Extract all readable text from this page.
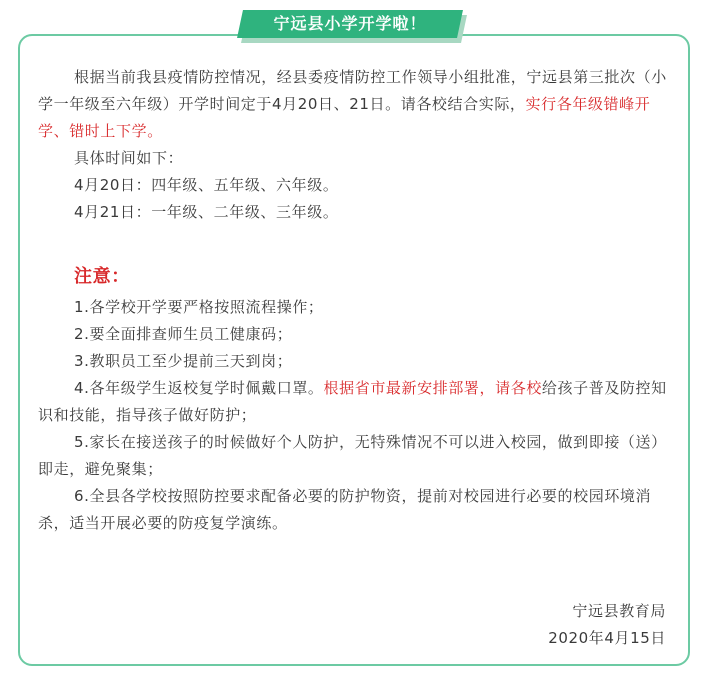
宁远县小学开学啦！

根据当前我县疫情防控情况，经县委疫情防控工作领导小组批准，宁远县第三批次（小学一年级至六年级）开学时间定于4月20日、21日。请各校结合实际，实行各年级错峰开学、错时上下学。

具体时间如下：

4月20日：四年级、五年级、六年级。

4月21日：一年级、二年级、三年级。

注意：

1.各学校开学要严格按照流程操作；

2.要全面排查师生员工健康码；

3.教职员工至少提前三天到岗；

4.各年级学生返校复学时佩戴口罩。根据省市最新安排部署，请各校给孩子普及防控知识和技能，指导孩子做好防护；

5.家长在接送孩子的时候做好个人防护，无特殊情况不可以进入校园，做到即接（送）即走，避免聚集；

6.全县各学校按照防控要求配备必要的防护物资，提前对校园进行必要的校园环境消杀，适当开展必要的防疫复学演练。

宁远县教育局
2020年4月15日
